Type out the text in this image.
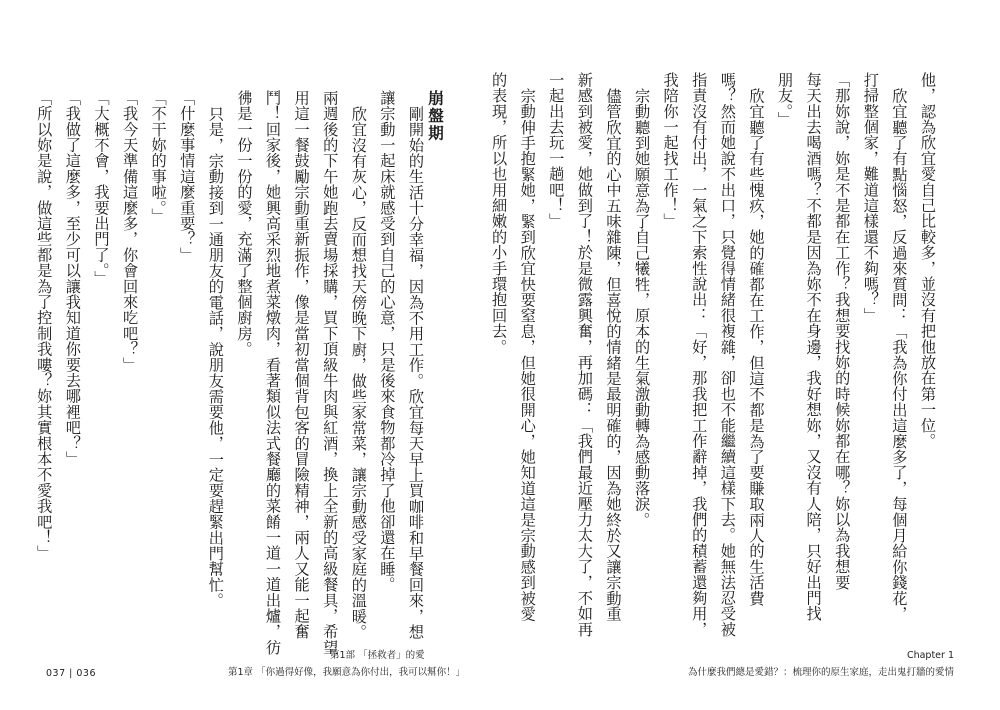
崩盤期

剛開始的生活十分幸福，因為不用工作。欣宜每天早上買咖啡和早餐回來，想

讓宗動一起床就感受到自己的心意，只是後來食物都冷掉了他卻還在睡。

欣宜沒有灰心，反而想找天傍晚下廚，做些家常菜，讓宗動感受家庭的溫暖。

兩週後的下午她跑去賣場採購，買下頂級牛肉與紅酒，換上全新的高級餐具，希望

用這一餐鼓勵宗動重新振作，像是當初當個背包客的冒險精神，兩人又能一起奮

鬥！回家後，她興高采烈地煮菜燉肉，看著類似法式餐廳的菜餚一道一道出爐，彷

彿是一份一份的愛，充滿了整個廚房。

只是，宗動接到一通朋友的電話，說朋友需要他，一定要趕緊出門幫忙。

「什麼事情這麼重要？」

「不干妳的事啦。」

「我今天準備這麼多，你會回來吃吧？」

「大概不會，我要出門了。」

「我做了這麼多，至少可以讓我知道你要去哪裡吧？」

「所以妳是說，做這些都是為了控制我嘍？妳其實根本不愛我吧！」

037 | 036
第1部 「拯救者」的愛
第1章 「你過得好像，我願意為你付出，我可以幫你！」

他，認為欣宜愛自己比較多，並沒有把他放在第一位。

欣宜聽了有點惱怒，反過來質問：「我為你付出這麼多了，每個月給你錢花，

打掃整個家，難道這樣還不夠嗎？」

「那妳說，妳是不是都在工作？我想要找妳的時候妳都在哪？妳以為我想要

每天出去喝酒嗎？不都是因為妳不在身邊，我好想妳，又沒有人陪，只好出門找

朋友。」

欣宜聽了有些愧疚，她的確都在工作，但這不都是為了要賺取兩人的生活費

嗎？然而她說不出口，只覺得情緒很複雜，卻也不能繼續這樣下去。她無法忍受被

指責沒有付出，一氣之下索性說出：「好，那我把工作辭掉，我們的積蓄還夠用，

我陪你一起找工作！」

宗動聽到她願意為了自己犧牲，原本的生氣激動轉為感動落淚。

儘管欣宜的心中五味雜陳，但喜悅的情緒是最明確的，因為她終於又讓宗動重

新感到被愛，她做到了！於是微露興奮，再加碼：「我們最近壓力太大了，不如再

一起出去玩一趟吧！」

宗動伸手抱緊她，緊到欣宜快要窒息，但她很開心，她知道這是宗動感到被愛

的表現，所以也用細嫩的小手環抱回去。

Chapter 1
為什麼我們總是愛錯？：梳理你的原生家庭，走出鬼打牆的愛情
